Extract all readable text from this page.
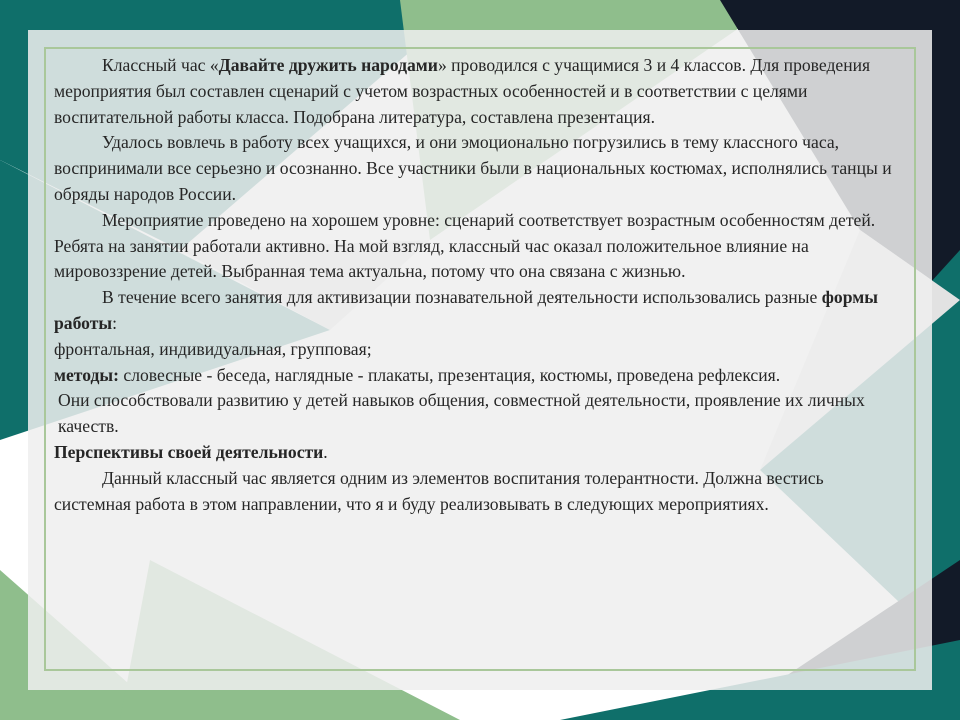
Классный час «Давайте дружить народами» проводился с учащимися 3 и 4 классов. Для проведения мероприятия был составлен сценарий с учетом возрастных особенностей и в соответствии с целями воспитательной работы класса. Подобрана литература, составлена презентация.

Удалось вовлечь в работу всех учащихся, и они эмоционально погрузились в тему классного часа, воспринимали все серьезно и осознанно. Все участники были в национальных костюмах, исполнялись танцы и обряды народов России.

Мероприятие проведено на хорошем уровне: сценарий соответствует возрастным особенностям детей. Ребята на занятии работали активно. На мой взгляд, классный час оказал положительное влияние на мировоззрение детей. Выбранная тема актуальна, потому что она связана с жизнью.

В течение всего занятия для активизации познавательной деятельности использовались разные формы работы:

фронтальная, индивидуальная, групповая;

методы: словесные - беседа, наглядные - плакаты, презентация, костюмы, проведена рефлексия.

Они способствовали развитию у детей навыков общения, совместной деятельности, проявление их личных качеств.

Перспективы своей деятельности.

Данный классный час является одним из элементов воспитания толерантности. Должна вестись системная работа в этом направлении, что я и буду реализовывать в следующих мероприятиях.
